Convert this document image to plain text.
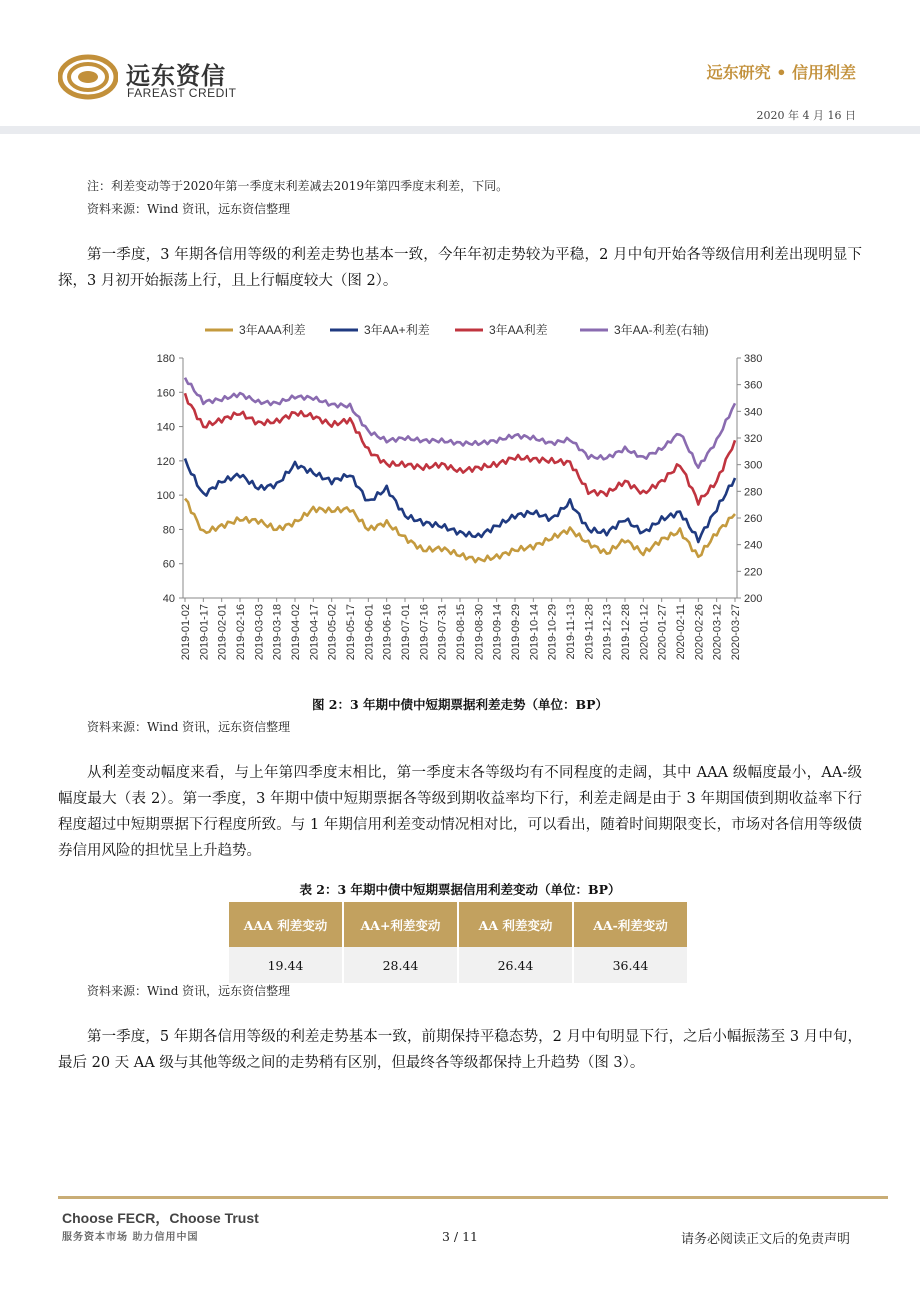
远东资信
FAREAST CREDIT
远东研究 • 信用利差
2020 年 4 月 16 日
注：利差变动等于2020年第一季度末利差减去2019年第四季度末利差，下同。
资料来源：Wind 资讯，远东资信整理
第一季度，3 年期各信用等级的利差走势也基本一致，今年年初走势较为平稳，2 月中旬开始各等级信用利差出现明显下探，3 月初开始振荡上行，且上行幅度较大（图 2）。
3年AAA利差	3年AA+利差	3年AA利差	3年AA-利差(右轴)
40
60
80
100
120
140
160
180
200
220
240
260
280
300
320
340
360
380
2019-01-02 2019-01-17 2019-02-01 2019-02-16 2019-03-03 2019-03-18 2019-04-02 2019-04-17 2019-05-02 2019-05-17 2019-06-01 2019-06-16 2019-07-01 2019-07-16 2019-07-31 2019-08-15 2019-08-30 2019-09-14 2019-09-29 2019-10-14 2019-10-29 2019-11-13 2019-11-28 2019-12-13 2019-12-28 2020-01-12 2020-01-27 2020-02-11 2020-02-26 2020-03-12 2020-03-27
图 2：3 年期中债中短期票据利差走势（单位：BP）
资料来源：Wind 资讯，远东资信整理
从利差变动幅度来看，与上年第四季度末相比，第一季度末各等级均有不同程度的走阔，其中 AAA 级幅度最小，AA-级幅度最大（表 2）。第一季度，3 年期中债中短期票据各等级到期收益率均下行，利差走阔是由于 3 年期国债到期收益率下行程度超过中短期票据下行程度所致。与 1 年期信用利差变动情况相对比，可以看出，随着时间期限变长，市场对各信用等级债券信用风险的担忧呈上升趋势。
表 2：3 年期中债中短期票据信用利差变动（单位：BP）
AAA 利差变动	AA+利差变动	AA 利差变动	AA-利差变动
19.44	28.44	26.44	36.44
资料来源：Wind 资讯，远东资信整理
第一季度，5 年期各信用等级的利差走势基本一致，前期保持平稳态势，2 月中旬明显下行，之后小幅振荡至 3 月中旬，最后 20 天 AA 级与其他等级之间的走势稍有区别，但最终各等级都保持上升趋势（图 3）。
Choose FECR，Choose Trust
服务资本市场 助力信用中国	3 / 11	请务必阅读正文后的免责声明
